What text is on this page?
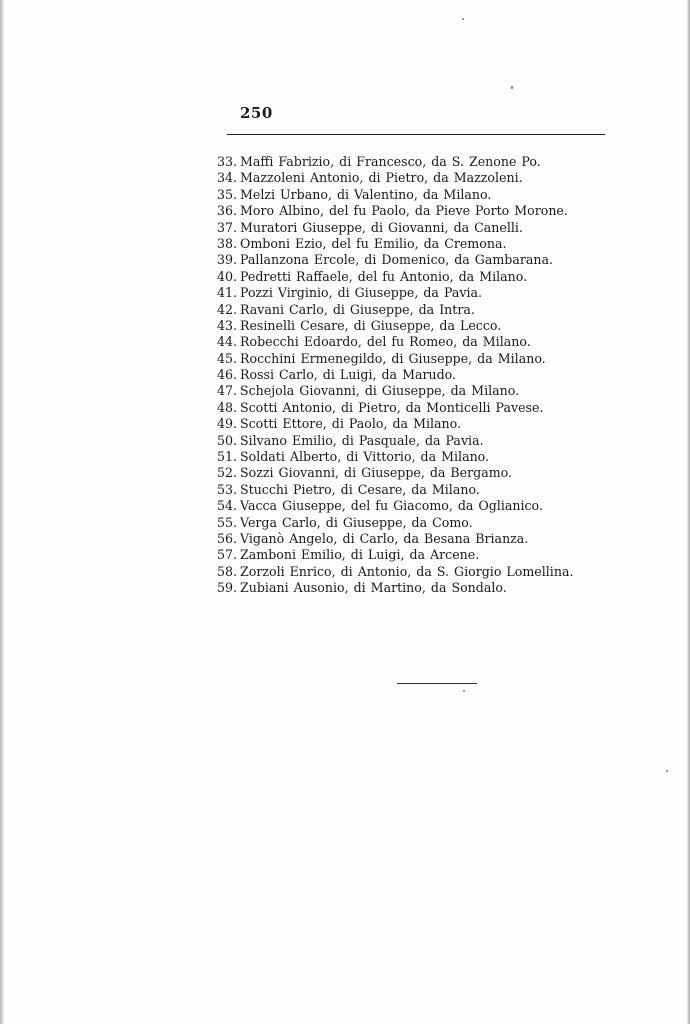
250
33. Maffi Fabrizio, di Francesco, da S. Zenone Po.
34. Mazzoleni Antonio, di Pietro, da Mazzoleni.
35. Melzi Urbano, di Valentino, da Milano.
36. Moro Albino, del fu Paolo, da Pieve Porto Morone.
37. Muratori Giuseppe, di Giovanni, da Canelli.
38. Omboni Ezio, del fu Emilio, da Cremona.
39. Pallanzona Ercole, di Domenico, da Gambarana.
40. Pedretti Raffaele, del fu Antonio, da Milano.
41. Pozzi Virginio, di Giuseppe, da Pavia.
42. Ravani Carlo, di Giuseppe, da Intra.
43. Resinelli Cesare, di Giuseppe, da Lecco.
44. Robecchi Edoardo, del fu Romeo, da Milano.
45. Rocchini Ermenegildo, di Giuseppe, da Milano.
46. Rossi Carlo, di Luigi, da Marudo.
47. Schejola Giovanni, di Giuseppe, da Milano.
48. Scotti Antonio, di Pietro, da Monticelli Pavese.
49. Scotti Ettore, di Paolo, da Milano.
50. Silvano Emilio, di Pasquale, da Pavia.
51. Soldati Alberto, di Vittorio, da Milano.
52. Sozzi Giovanni, di Giuseppe, da Bergamo.
53. Stucchi Pietro, di Cesare, da Milano.
54. Vacca Giuseppe, del fu Giacomo, da Oglianico.
55. Verga Carlo, di Giuseppe, da Como.
56. Viganò Angelo, di Carlo, da Besana Brianza.
57. Zamboni Emilio, di Luigi, da Arcene.
58. Zorzoli Enrico, di Antonio, da S. Giorgio Lomellina.
59. Zubiani Ausonio, di Martino, da Sondalo.
